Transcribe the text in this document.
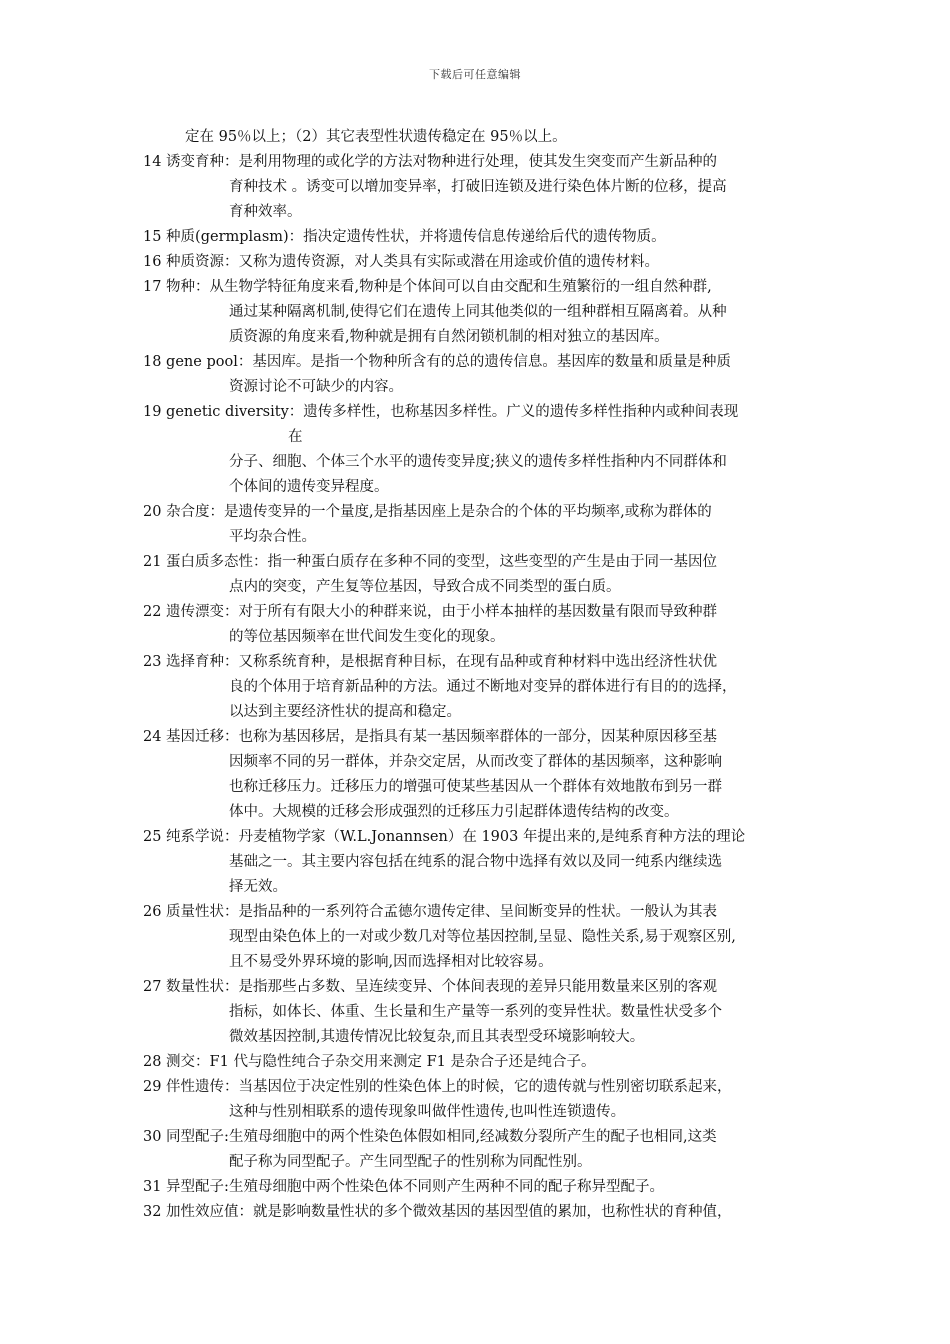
下载后可任意编辑
定在 95％以上；（2）其它表型性状遗传稳定在 95％以上。
14 诱变育种：是利用物理的或化学的方法对物种进行处理，使其发生突变而产生新品种的
育种技术 。诱变可以增加变异率，打破旧连锁及进行染色体片断的位移，提高
育种效率。
15 种质(germplasm)：指决定遗传性状，并将遗传信息传递给后代的遗传物质。
16 种质资源：又称为遗传资源，对人类具有实际或潜在用途或价值的遗传材料。
17 物种：从生物学特征角度来看,物种是个体间可以自由交配和生殖繁衍的一组自然种群,
通过某种隔离机制,使得它们在遗传上同其他类似的一组种群相互隔离着。从种
质资源的角度来看,物种就是拥有自然闭锁机制的相对独立的基因库。
18 gene pool：基因库。是指一个物种所含有的总的遗传信息。基因库的数量和质量是种质
资源讨论不可缺少的内容。
19 genetic diversity：遗传多样性，也称基因多样性。广义的遗传多样性指种内或种间表现
在
分子、细胞、个体三个水平的遗传变异度;狭义的遗传多样性指种内不同群体和
个体间的遗传变异程度。
20 杂合度：是遗传变异的一个量度,是指基因座上是杂合的个体的平均频率,或称为群体的
平均杂合性。
21 蛋白质多态性：指一种蛋白质存在多种不同的变型，这些变型的产生是由于同一基因位
点内的突变，产生复等位基因，导致合成不同类型的蛋白质。
22 遗传漂变：对于所有有限大小的种群来说，由于小样本抽样的基因数量有限而导致种群
的等位基因频率在世代间发生变化的现象。
23 选择育种：又称系统育种，是根据育种目标，在现有品种或育种材料中选出经济性状优
良的个体用于培育新品种的方法。通过不断地对变异的群体进行有目的的选择，
以达到主要经济性状的提高和稳定。
24 基因迁移：也称为基因移居，是指具有某一基因频率群体的一部分，因某种原因移至基
因频率不同的另一群体，并杂交定居，从而改变了群体的基因频率，这种影响
也称迁移压力。迁移压力的增强可使某些基因从一个群体有效地散布到另一群
体中。大规模的迁移会形成强烈的迁移压力引起群体遗传结构的改变。
25 纯系学说：丹麦植物学家（W.L.Jonannsen）在 1903 年提出来的,是纯系育种方法的理论
基础之一。其主要内容包括在纯系的混合物中选择有效以及同一纯系内继续选
择无效。
26 质量性状：是指品种的一系列符合孟德尔遗传定律、呈间断变异的性状。一般认为其表
现型由染色体上的一对或少数几对等位基因控制,呈显、隐性关系,易于观察区别,
且不易受外界环境的影响,因而选择相对比较容易。
27 数量性状：是指那些占多数、呈连续变异、个体间表现的差异只能用数量来区别的客观
指标，如体长、体重、生长量和生产量等一系列的变异性状。数量性状受多个
微效基因控制,其遗传情况比较复杂,而且其表型受环境影响较大。
28 测交：F1 代与隐性纯合子杂交用来测定 F1 是杂合子还是纯合子。
29 伴性遗传：当基因位于决定性别的性染色体上的时候，它的遗传就与性别密切联系起来，
这种与性别相联系的遗传现象叫做伴性遗传,也叫性连锁遗传。
30 同型配子:生殖母细胞中的两个性染色体假如相同,经减数分裂所产生的配子也相同,这类
配子称为同型配子。产生同型配子的性别称为同配性别。
31 异型配子:生殖母细胞中两个性染色体不同则产生两种不同的配子称异型配子。
32 加性效应值：就是影响数量性状的多个微效基因的基因型值的累加，也称性状的育种值，
